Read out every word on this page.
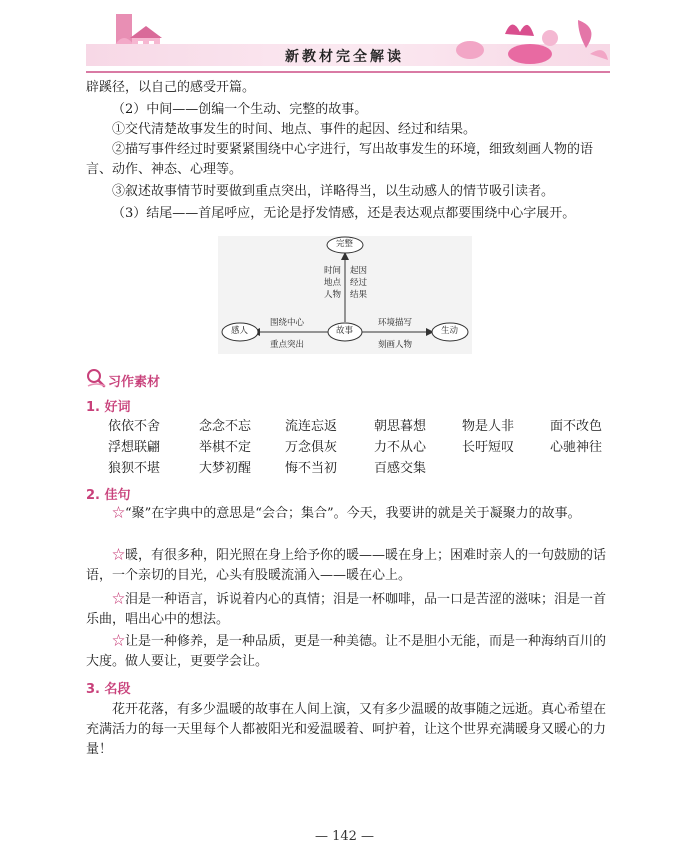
新教材完全解读
辟蹊径，以自己的感受开篇。
（2）中间——创编一个生动、完整的故事。
①交代清楚故事发生的时间、地点、事件的起因、经过和结果。
②描写事件经过时要紧紧围绕中心字进行，写出故事发生的环境，细致刻画人物的语言、动作、神态、心理等。
③叙述故事情节时要做到重点突出，详略得当，以生动感人的情节吸引读者。
（3）结尾——首尾呼应，无论是抒发情感，还是表达观点都要围绕中心字展开。
完整
故事
感人	生动
时间
地点
人物
起因
经过
结果
围绕中心
重点突出
环境描写
刻画人物
习作素材
1. 好词
依依不舍	念念不忘	流连忘返	朝思暮想	物是人非	面不改色
浮想联翩	举棋不定	万念俱灰	力不从心	长吁短叹	心驰神往
狼狈不堪	大梦初醒	悔不当初	百感交集
2. 佳句
☆“聚”在字典中的意思是“会合；集合”。今天，我要讲的就是关于凝聚力的故事。
☆暖，有很多种，阳光照在身上给予你的暖——暖在身上；困难时亲人的一句鼓励的话语，一个亲切的目光，心头有股暖流涌入——暖在心上。
☆泪是一种语言，诉说着内心的真情；泪是一杯咖啡，品一口是苦涩的滋味；泪是一首乐曲，唱出心中的想法。
☆让是一种修养，是一种品质，更是一种美德。让不是胆小无能，而是一种海纳百川的大度。做人要让，更要学会让。
3. 名段
花开花落，有多少温暖的故事在人间上演，又有多少温暖的故事随之远逝。真心希望在充满活力的每一天里每个人都被阳光和爱温暖着、呵护着，让这个世界充满暖身又暖心的力量！
— 142 —
